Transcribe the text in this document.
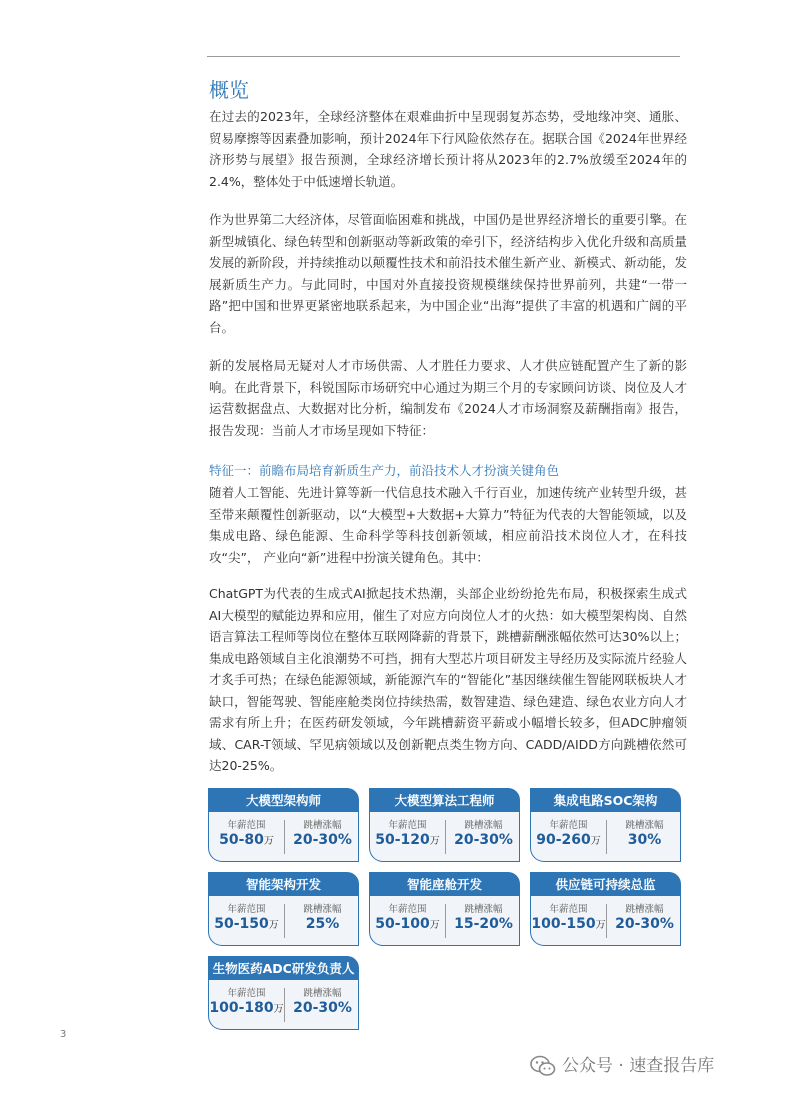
概览

在过去的2023年，全球经济整体在艰难曲折中呈现弱复苏态势，受地缘冲突、通胀、贸易摩擦等因素叠加影响，预计2024年下行风险依然存在。据联合国《2024年世界经济形势与展望》报告预测，全球经济增长预计将从2023年的2.7%放缓至2024年的2.4%，整体处于中低速增长轨道。

作为世界第二大经济体，尽管面临困难和挑战，中国仍是世界经济增长的重要引擎。在新型城镇化、绿色转型和创新驱动等新政策的牵引下，经济结构步入优化升级和高质量发展的新阶段，并持续推动以颠覆性技术和前沿技术催生新产业、新模式、新动能，发展新质生产力。与此同时，中国对外直接投资规模继续保持世界前列，共建“一带一路”把中国和世界更紧密地联系起来，为中国企业“出海”提供了丰富的机遇和广阔的平台。

新的发展格局无疑对人才市场供需、人才胜任力要求、人才供应链配置产生了新的影响。在此背景下，科锐国际市场研究中心通过为期三个月的专家顾问访谈、岗位及人才运营数据盘点、大数据对比分析，编制发布《2024人才市场洞察及薪酬指南》报告，报告发现：当前人才市场呈现如下特征：

特征一：前瞻布局培育新质生产力，前沿技术人才扮演关键角色

随着人工智能、先进计算等新一代信息技术融入千行百业，加速传统产业转型升级，甚至带来颠覆性创新驱动，以“大模型+大数据+大算力”特征为代表的大智能领域，以及集成电路、绿色能源、生命科学等科技创新领域，相应前沿技术岗位人才，在科技攻“尖”， 产业向“新”进程中扮演关键角色。其中：

ChatGPT为代表的生成式AI掀起技术热潮，头部企业纷纷抢先布局，积极探索生成式AI大模型的赋能边界和应用，催生了对应方向岗位人才的火热：如大模型架构岗、自然语言算法工程师等岗位在整体互联网降薪的背景下，跳槽薪酬涨幅依然可达30%以上；集成电路领域自主化浪潮势不可挡，拥有大型芯片项目研发主导经历及实际流片经验人才炙手可热；在绿色能源领域，新能源汽车的“智能化”基因继续催生智能网联板块人才缺口，智能驾驶、智能座舱类岗位持续热需，数智建造、绿色建造、绿色农业方向人才需求有所上升；在医药研发领域，今年跳槽薪资平薪或小幅增长较多，但ADC肿瘤领域、CAR-T领域、罕见病领域以及创新靶点类生物方向、CADD/AIDD方向跳槽依然可达20-25%。

大模型架构师
年薪范围
50-80万
跳槽涨幅
20-30%
大模型算法工程师
年薪范围
50-120万
跳槽涨幅
20-30%
集成电路SOC架构
年薪范围
90-260万
跳槽涨幅
30%
智能架构开发
年薪范围
50-150万
跳槽涨幅
25%
智能座舱开发
年薪范围
50-100万
跳槽涨幅
15-20%
供应链可持续总监
年薪范围
100-150万
跳槽涨幅
20-30%
生物医药ADC研发负责人
年薪范围
100-180万
跳槽涨幅
20-30%
3
公众号 · 速查报告库
